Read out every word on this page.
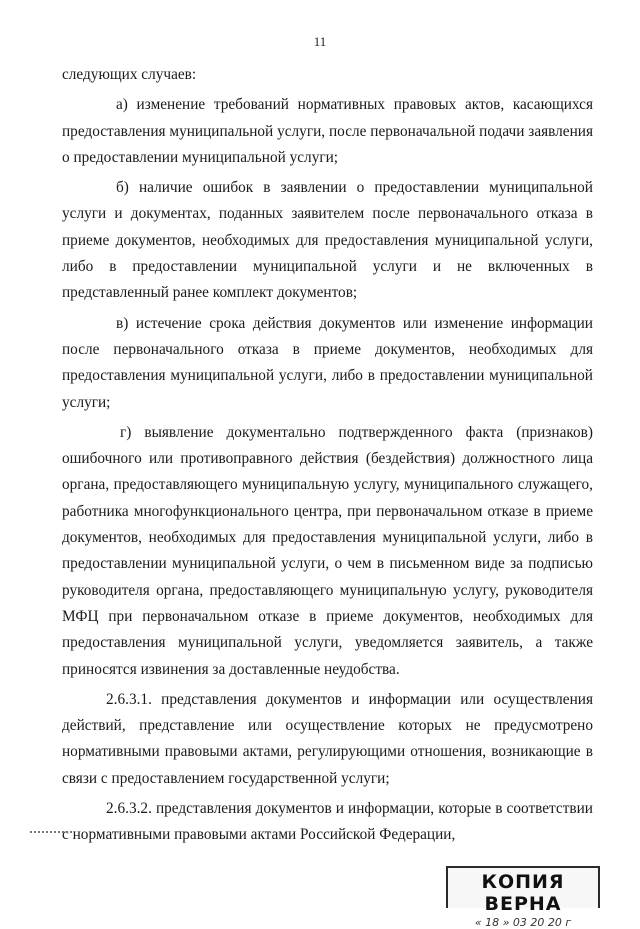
11

следующих случаев:

а) изменение требований нормативных правовых актов, касающихся предоставления муниципальной услуги, после первоначальной подачи заявления о предоставлении муниципальной услуги;

б) наличие ошибок в заявлении о предоставлении муниципальной услуги и документах, поданных заявителем после первоначального отказа в приеме документов, необходимых для предоставления муниципальной услуги, либо в предоставлении муниципальной услуги и не включенных в представленный ранее комплект документов;

в) истечение срока действия документов или изменение информации после первоначального отказа в приеме документов, необходимых для предоставления муниципальной услуги, либо в предоставлении муниципальной услуги;

г) выявление документально подтвержденного факта (признаков) ошибочного или противоправного действия (бездействия) должностного лица органа, предоставляющего муниципальную услугу, муниципального служащего, работника многофункционального центра, при первоначальном отказе в приеме документов, необходимых для предоставления муниципальной услуги, либо в предоставлении муниципальной услуги, о чем в письменном виде за подписью руководителя органа, предоставляющего муниципальную услугу, руководителя МФЦ при первоначальном отказе в приеме документов, необходимых для предоставления муниципальной услуги, уведомляется заявитель, а также приносятся извинения за доставленные неудобства.

2.6.3.1. представления документов и информации или осуществления действий, представление или осуществление которых не предусмотрено нормативными правовыми актами, регулирующими отношения, возникающие в связи с предоставлением государственной услуги;

2.6.3.2. представления документов и информации, которые в соответствии с нормативными правовыми актами Российской Федерации,

КОПИЯ ВЕРНА
« 18 » 03 20 20 г
